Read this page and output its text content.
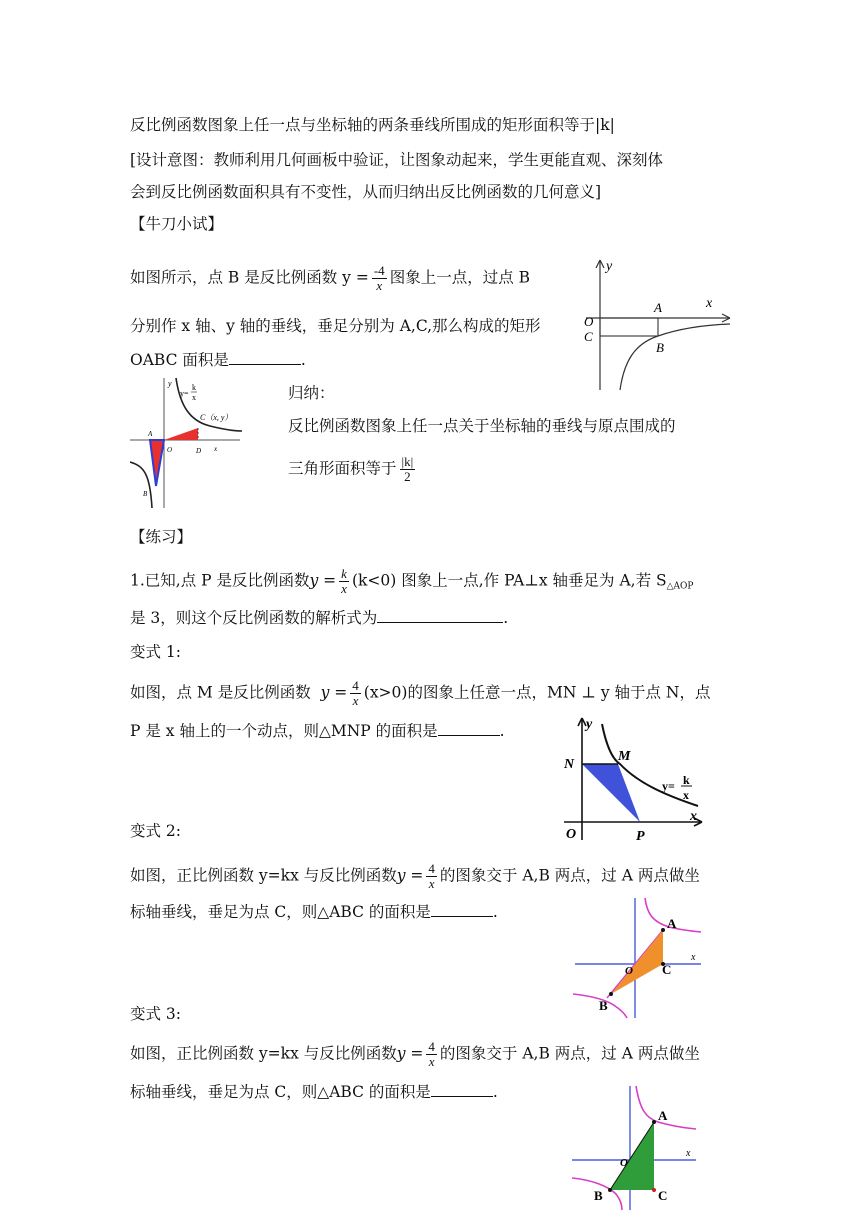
反比例函数图象上任一点与坐标轴的两条垂线所围成的矩形面积等于|k|
[设计意图：教师利用几何画板中验证，让图象动起来，学生更能直观、深刻体
会到反比例函数面积具有不变性，从而归纳出反比例函数的几何意义]
【牛刀小试】
如图所示，点 B 是反比例函数 $y = \frac{-4}{x}$ 图象上一点，过点 B
分别作 x 轴、y 轴的垂线，垂足分别为 A,C,那么构成的矩形
OABC 面积是	.
y
x
A
O
C
B
y
y=
k
x
C（x, y）
A
O	D x
B
归纳：
反比例函数图象上任一点关于坐标轴的垂线与原点围成的
三角形面积等于 $\frac{|k|}{2}$
【练习】
1.已知,点 P 是反比例函数$y = \frac{k}{x} (k<0)$ 图象上一点,作 PA⊥x 轴垂足为 A,若 $S_{\triangle AOP}$
是 3，则这个反比例函数的解析式为	.
变式 1:
如图，点 M 是反比例函数 $y = \frac{4}{x} (x>0)$的图象上任意一点，MN ⊥ y 轴于点 N，点
P 是 x 轴上的一个动点，则△MNP 的面积是	.	y
N
M
y= k
x
O	P
x
变式 2:
如图，正比例函数 y=kx 与反比例函数$y = \frac{4}{x}$ 的图象交于 A,B 两点，过 A 两点做坐
标轴垂线，垂足为点 C，则△ABC 的面积是	.
A
O C
B
x
变式 3:
如图，正比例函数 y=kx 与反比例函数$y = \frac{4}{x}$ 的图象交于 A,B 两点，过 A 两点做坐
标轴垂线，垂足为点 C，则△ABC 的面积是	.
A
O
B	C
x
